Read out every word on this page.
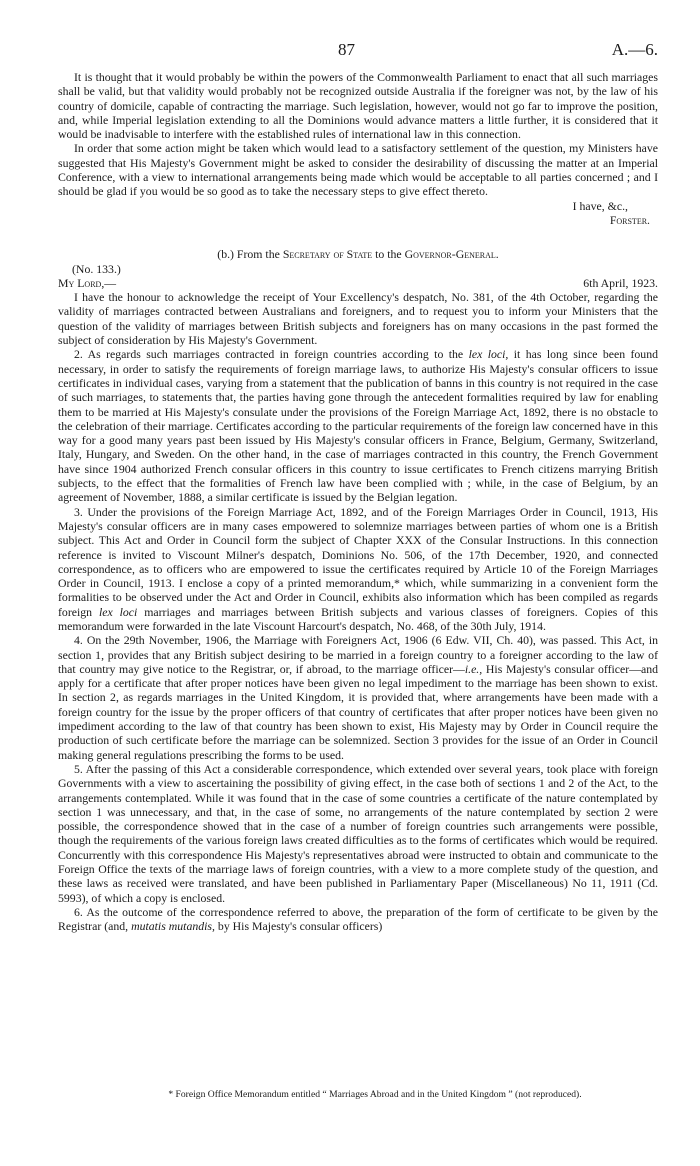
87	A.—6.

It is thought that it would probably be within the powers of the Commonwealth Parliament to enact that all such marriages shall be valid, but that validity would probably not be recognized outside Australia if the foreigner was not, by the law of his country of domicile, capable of contracting the marriage. Such legislation, however, would not go far to improve the position, and, while Imperial legislation extending to all the Dominions would advance matters a little further, it is considered that it would be inadvisable to interfere with the established rules of international law in this connection.

In order that some action might be taken which would lead to a satisfactory settlement of the question, my Ministers have suggested that His Majesty's Government might be asked to consider the desirability of discussing the matter at an Imperial Conference, with a view to international arrangements being made which would be acceptable to all parties concerned ; and I should be glad if you would be so good as to take the necessary steps to give effect thereto.

I have, &c.,

Forster.

(b.) From the Secretary of State to the Governor-General.

(No. 133.)

My Lord,—	6th April, 1923.

I have the honour to acknowledge the receipt of Your Excellency's despatch, No. 381, of the 4th October, regarding the validity of marriages contracted between Australians and foreigners, and to request you to inform your Ministers that the question of the validity of marriages between British subjects and foreigners has on many occasions in the past formed the subject of consideration by His Majesty's Government.

2. As regards such marriages contracted in foreign countries according to the lex loci, it has long since been found necessary, in order to satisfy the requirements of foreign marriage laws, to authorize His Majesty's consular officers to issue certificates in individual cases, varying from a statement that the publication of banns in this country is not required in the case of such marriages, to statements that, the parties having gone through the antecedent formalities required by law for enabling them to be married at His Majesty's consulate under the provisions of the Foreign Marriage Act, 1892, there is no obstacle to the celebration of their marriage. Certificates according to the particular requirements of the foreign law concerned have in this way for a good many years past been issued by His Majesty's consular officers in France, Belgium, Germany, Switzerland, Italy, Hungary, and Sweden. On the other hand, in the case of marriages contracted in this country, the French Government have since 1904 authorized French consular officers in this country to issue certificates to French citizens marrying British subjects, to the effect that the formalities of French law have been complied with ; while, in the case of Belgium, by an agreement of November, 1888, a similar certificate is issued by the Belgian legation.

3. Under the provisions of the Foreign Marriage Act, 1892, and of the Foreign Marriages Order in Council, 1913, His Majesty's consular officers are in many cases empowered to solemnize marriages between parties of whom one is a British subject. This Act and Order in Council form the subject of Chapter XXX of the Consular Instructions. In this connection reference is invited to Viscount Milner's despatch, Dominions No. 506, of the 17th December, 1920, and connected correspondence, as to officers who are empowered to issue the certificates required by Article 10 of the Foreign Marriages Order in Council, 1913. I enclose a copy of a printed memorandum,* which, while summarizing in a convenient form the formalities to be observed under the Act and Order in Council, exhibits also information which has been compiled as regards foreign lex loci marriages and marriages between British subjects and various classes of foreigners. Copies of this memorandum were forwarded in the late Viscount Harcourt's despatch, No. 468, of the 30th July, 1914.

4. On the 29th November, 1906, the Marriage with Foreigners Act, 1906 (6 Edw. VII, Ch. 40), was passed. This Act, in section 1, provides that any British subject desiring to be married in a foreign country to a foreigner according to the law of that country may give notice to the Registrar, or, if abroad, to the marriage officer—i.e., His Majesty's consular officer—and apply for a certificate that after proper notices have been given no legal impediment to the marriage has been shown to exist. In section 2, as regards marriages in the United Kingdom, it is provided that, where arrangements have been made with a foreign country for the issue by the proper officers of that country of certificates that after proper notices have been given no impediment according to the law of that country has been shown to exist, His Majesty may by Order in Council require the production of such certificate before the marriage can be solemnized. Section 3 provides for the issue of an Order in Council making general regulations prescribing the forms to be used.

5. After the passing of this Act a considerable correspondence, which extended over several years, took place with foreign Governments with a view to ascertaining the possibility of giving effect, in the case both of sections 1 and 2 of the Act, to the arrangements contemplated. While it was found that in the case of some countries a certificate of the nature contemplated by section 1 was unnecessary, and that, in the case of some, no arrangements of the nature contemplated by section 2 were possible, the correspondence showed that in the case of a number of foreign countries such arrangements were possible, though the requirements of the various foreign laws created difficulties as to the forms of certificates which would be required. Concurrently with this correspondence His Majesty's representatives abroad were instructed to obtain and communicate to the Foreign Office the texts of the marriage laws of foreign countries, with a view to a more complete study of the question, and these laws as received were translated, and have been published in Parliamentary Paper (Miscellaneous) No 11, 1911 (Cd. 5993), of which a copy is enclosed.

6. As the outcome of the correspondence referred to above, the preparation of the form of certificate to be given by the Registrar (and, mutatis mutandis, by His Majesty's consular officers)

* Foreign Office Memorandum entitled “ Marriages Abroad and in the United Kingdom ” (not reproduced).
